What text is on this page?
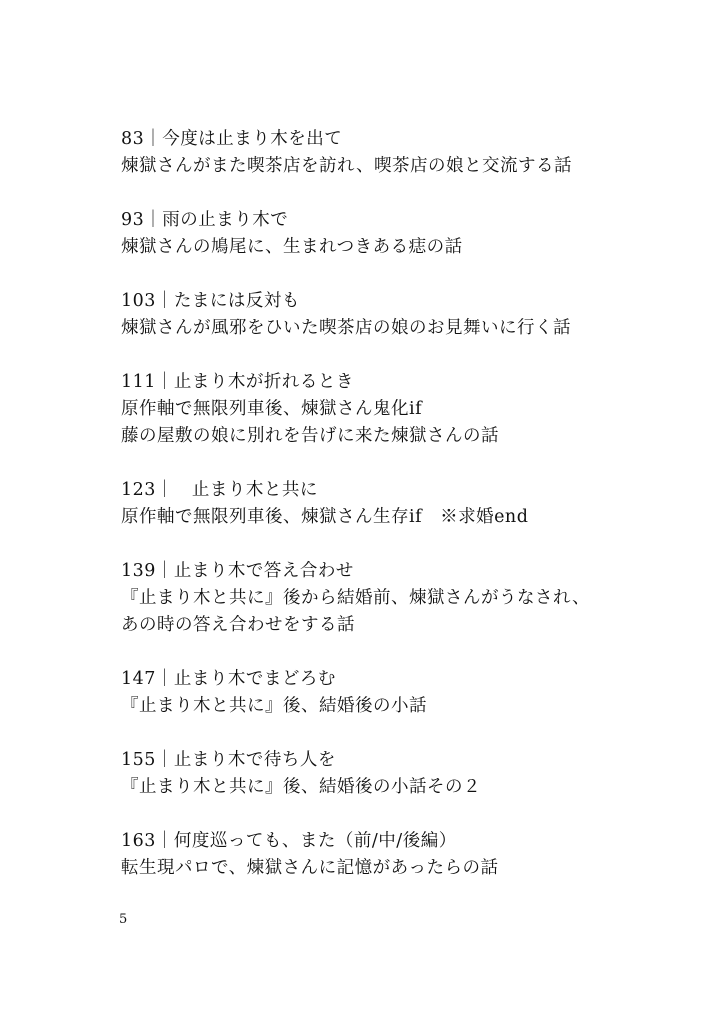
83｜今度は止まり木を出て
煉獄さんがまた喫茶店を訪れ、喫茶店の娘と交流する話
93｜雨の止まり木で
煉獄さんの鳩尾に、生まれつきある痣の話
103｜たまには反対も
煉獄さんが風邪をひいた喫茶店の娘のお見舞いに行く話
111｜止まり木が折れるとき
原作軸で無限列車後、煉獄さん鬼化if
藤の屋敷の娘に別れを告げに来た煉獄さんの話
123｜　止まり木と共に
原作軸で無限列車後、煉獄さん生存if　※求婚end
139｜止まり木で答え合わせ
『止まり木と共に』後から結婚前、煉獄さんがうなされ、
あの時の答え合わせをする話
147｜止まり木でまどろむ
『止まり木と共に』後、結婚後の小話
155｜止まり木で待ち人を
『止まり木と共に』後、結婚後の小話その２
163｜何度巡っても、また（前/中/後編）
転生現パロで、煉獄さんに記憶があったらの話
5
